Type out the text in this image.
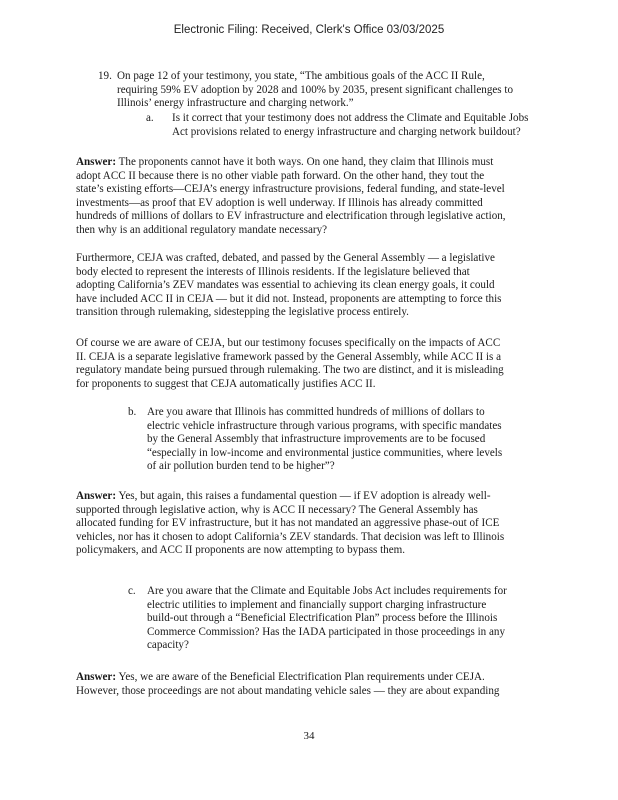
Electronic Filing: Received, Clerk's Office 03/03/2025
19. On page 12 of your testimony, you state, “The ambitious goals of the ACC II Rule,
requiring 59% EV adoption by 2028 and 100% by 2035, present significant challenges to
Illinois’ energy infrastructure and charging network.”
a. Is it correct that your testimony does not address the Climate and Equitable Jobs
Act provisions related to energy infrastructure and charging network buildout?
Answer: The proponents cannot have it both ways. On one hand, they claim that Illinois must
adopt ACC II because there is no other viable path forward. On the other hand, they tout the
state’s existing efforts—CEJA’s energy infrastructure provisions, federal funding, and state-level
investments—as proof that EV adoption is well underway. If Illinois has already committed
hundreds of millions of dollars to EV infrastructure and electrification through legislative action,
then why is an additional regulatory mandate necessary?
Furthermore, CEJA was crafted, debated, and passed by the General Assembly — a legislative
body elected to represent the interests of Illinois residents. If the legislature believed that
adopting California’s ZEV mandates was essential to achieving its clean energy goals, it could
have included ACC II in CEJA — but it did not. Instead, proponents are attempting to force this
transition through rulemaking, sidestepping the legislative process entirely.
Of course we are aware of CEJA, but our testimony focuses specifically on the impacts of ACC
II. CEJA is a separate legislative framework passed by the General Assembly, while ACC II is a
regulatory mandate being pursued through rulemaking. The two are distinct, and it is misleading
for proponents to suggest that CEJA automatically justifies ACC II.
b. Are you aware that Illinois has committed hundreds of millions of dollars to
electric vehicle infrastructure through various programs, with specific mandates
by the General Assembly that infrastructure improvements are to be focused
“especially in low-income and environmental justice communities, where levels
of air pollution burden tend to be higher”?
Answer: Yes, but again, this raises a fundamental question — if EV adoption is already well-
supported through legislative action, why is ACC II necessary? The General Assembly has
allocated funding for EV infrastructure, but it has not mandated an aggressive phase-out of ICE
vehicles, nor has it chosen to adopt California’s ZEV standards. That decision was left to Illinois
policymakers, and ACC II proponents are now attempting to bypass them.
c. Are you aware that the Climate and Equitable Jobs Act includes requirements for
electric utilities to implement and financially support charging infrastructure
build-out through a “Beneficial Electrification Plan” process before the Illinois
Commerce Commission? Has the IADA participated in those proceedings in any
capacity?
Answer: Yes, we are aware of the Beneficial Electrification Plan requirements under CEJA.
However, those proceedings are not about mandating vehicle sales — they are about expanding
34
